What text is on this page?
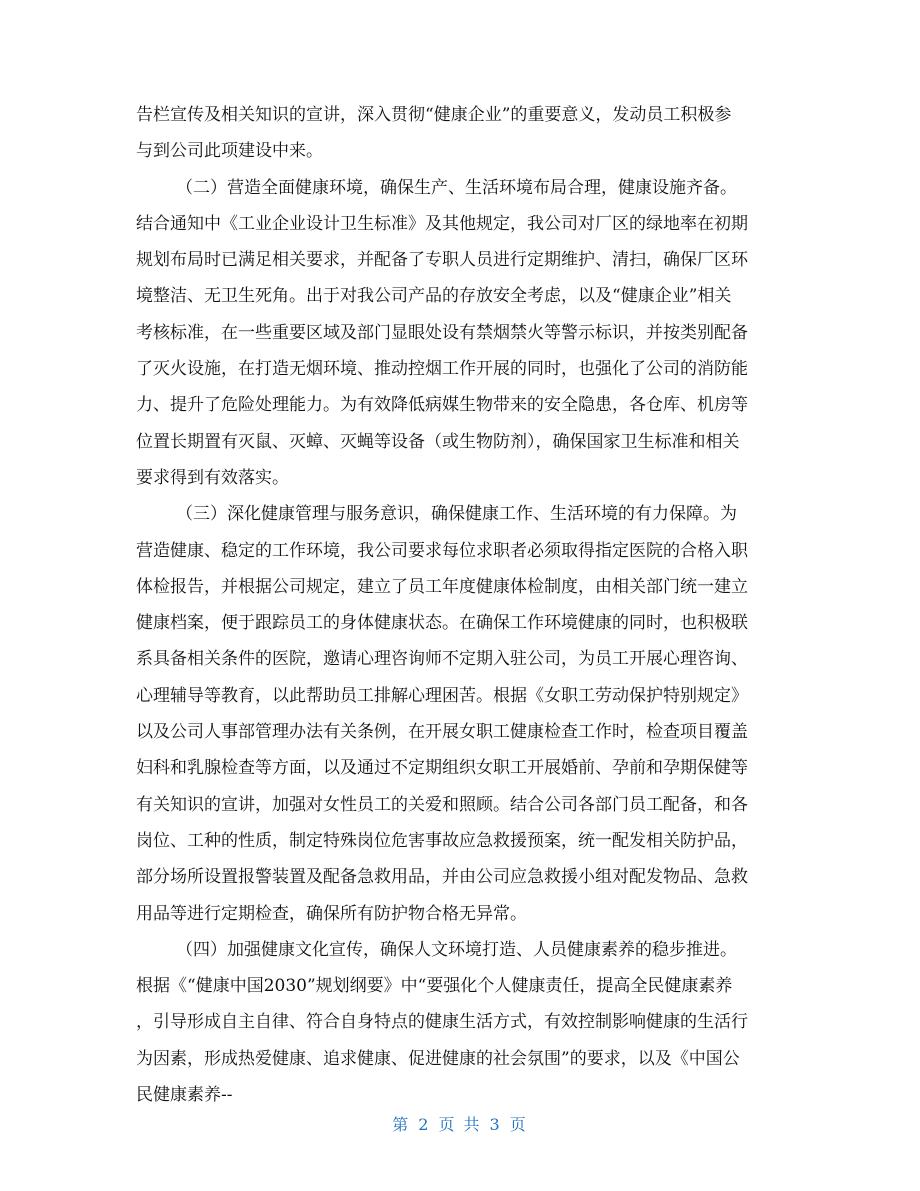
告栏宣传及相关知识的宣讲，深入贯彻“健康企业”的重要意义，发动员工积极参
与到公司此项建设中来。
（二）营造全面健康环境，确保生产、生活环境布局合理，健康设施齐备。
结合通知中《工业企业设计卫生标准》及其他规定，我公司对厂区的绿地率在初期
规划布局时已满足相关要求，并配备了专职人员进行定期维护、清扫，确保厂区环
境整洁、无卫生死角。出于对我公司产品的存放安全考虑，以及“健康企业”相关
考核标准，在一些重要区域及部门显眼处设有禁烟禁火等警示标识，并按类别配备
了灭火设施，在打造无烟环境、推动控烟工作开展的同时，也强化了公司的消防能
力、提升了危险处理能力。为有效降低病媒生物带来的安全隐患，各仓库、机房等
位置长期置有灭鼠、灭蟑、灭蝇等设备（或生物防剂），确保国家卫生标准和相关
要求得到有效落实。
（三）深化健康管理与服务意识，确保健康工作、生活环境的有力保障。为
营造健康、稳定的工作环境，我公司要求每位求职者必须取得指定医院的合格入职
体检报告，并根据公司规定，建立了员工年度健康体检制度，由相关部门统一建立
健康档案，便于跟踪员工的身体健康状态。在确保工作环境健康的同时，也积极联
系具备相关条件的医院，邀请心理咨询师不定期入驻公司，为员工开展心理咨询、
心理辅导等教育，以此帮助员工排解心理困苦。根据《女职工劳动保护特别规定》
以及公司人事部管理办法有关条例，在开展女职工健康检查工作时，检查项目覆盖
妇科和乳腺检查等方面，以及通过不定期组织女职工开展婚前、孕前和孕期保健等
有关知识的宣讲，加强对女性员工的关爱和照顾。结合公司各部门员工配备，和各
岗位、工种的性质，制定特殊岗位危害事故应急救援预案，统一配发相关防护品，
部分场所设置报警装置及配备急救用品，并由公司应急救援小组对配发物品、急救
用品等进行定期检查，确保所有防护物合格无异常。
（四）加强健康文化宣传，确保人文环境打造、人员健康素养的稳步推进。
根据《“健康中国2030”规划纲要》中“要强化个人健康责任，提高全民健康素养
，引导形成自主自律、符合自身特点的健康生活方式，有效控制影响健康的生活行
为因素，形成热爱健康、追求健康、促进健康的社会氛围”的要求，以及《中国公
民健康素养--
第 2 页 共 3 页
